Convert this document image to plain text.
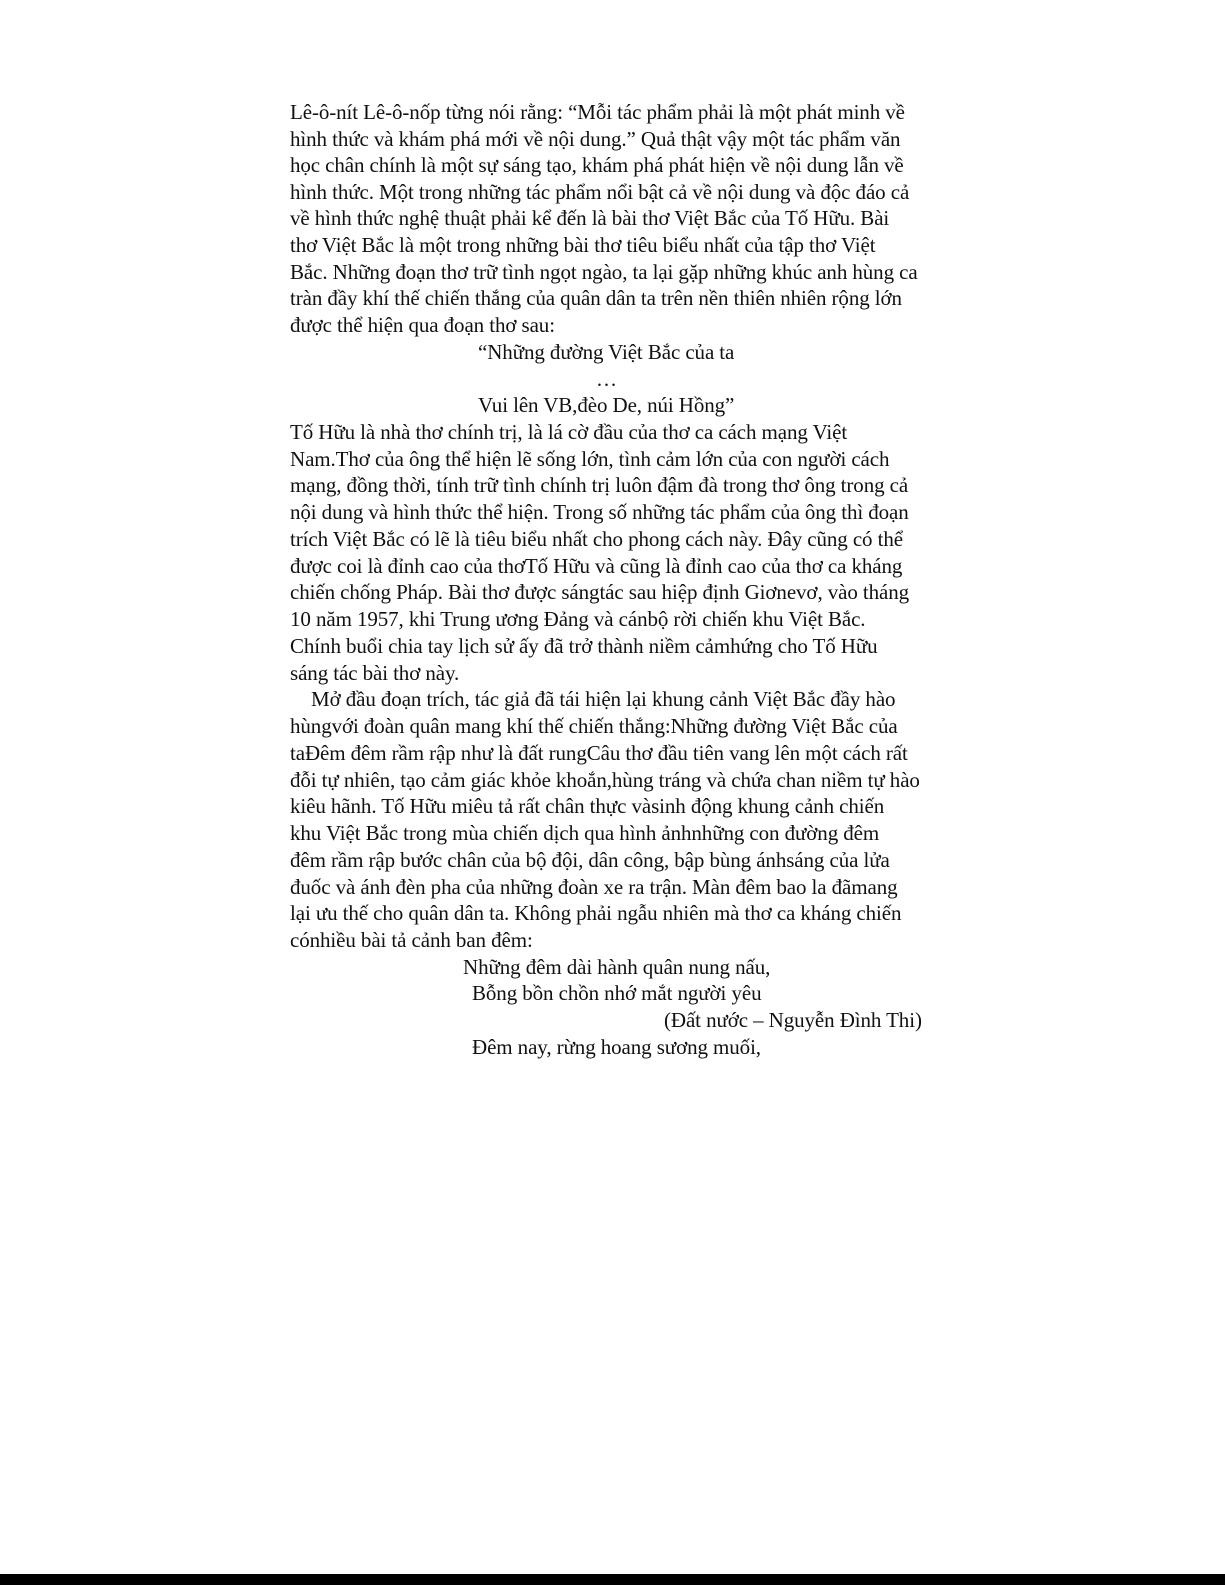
Lê-ô-nít Lê-ô-nốp từng nói rằng: “Mỗi tác phẩm phải là một phát minh về
hình thức và khám phá mới về nội dung.” Quả thật vậy một tác phẩm văn
học chân chính là một sự sáng tạo, khám phá phát hiện về nội dung lẫn về
hình thức. Một trong những tác phẩm nổi bật cả về nội dung và độc đáo cả
về hình thức nghệ thuật phải kể đến là bài thơ Việt Bắc của Tố Hữu. Bài
thơ Việt Bắc là một trong những bài thơ tiêu biểu nhất của tập thơ Việt
Bắc. Những đoạn thơ trữ tình ngọt ngào, ta lại gặp những khúc anh hùng ca
tràn đầy khí thế chiến thắng của quân dân ta trên nền thiên nhiên rộng lớn
được thể hiện qua đoạn thơ sau:
“Những đường Việt Bắc của ta
…
Vui lên VB,đèo De, núi Hồng”
Tố Hữu là nhà thơ chính trị, là lá cờ đầu của thơ ca cách mạng Việt
Nam.Thơ của ông thể hiện lẽ sống lớn, tình cảm lớn của con người cách
mạng, đồng thời, tính trữ tình chính trị luôn đậm đà trong thơ ông trong cả
nội dung và hình thức thể hiện. Trong số những tác phẩm của ông thì đoạn
trích Việt Bắc có lẽ là tiêu biểu nhất cho phong cách này. Đây cũng có thể
được coi là đỉnh cao của thơTố Hữu và cũng là đỉnh cao của thơ ca kháng
chiến chống Pháp. Bài thơ được sángtác sau hiệp định Giơnevơ, vào tháng
10 năm 1957, khi Trung ương Đảng và cánbộ rời chiến khu Việt Bắc.
Chính buổi chia tay lịch sử ấy đã trở thành niềm cảmhứng cho Tố Hữu
sáng tác bài thơ này.
Mở đầu đoạn trích, tác giả đã tái hiện lại khung cảnh Việt Bắc đầy hào
hùngvới đoàn quân mang khí thế chiến thắng:Những đường Việt Bắc của
taĐêm đêm rầm rập như là đất rungCâu thơ đầu tiên vang lên một cách rất
đỗi tự nhiên, tạo cảm giác khỏe khoắn,hùng tráng và chứa chan niềm tự hào
kiêu hãnh. Tố Hữu miêu tả rất chân thực vàsinh động khung cảnh chiến
khu Việt Bắc trong mùa chiến dịch qua hình ảnhnhững con đường đêm
đêm rầm rập bước chân của bộ đội, dân công, bập bùng ánhsáng của lửa
đuốc và ánh đèn pha của những đoàn xe ra trận. Màn đêm bao la đãmang
lại ưu thế cho quân dân ta. Không phải ngẫu nhiên mà thơ ca kháng chiến
cónhiều bài tả cảnh ban đêm:
Những đêm dài hành quân nung nấu,
Bỗng bồn chồn nhớ mắt người yêu
(Đất nước – Nguyễn Đình Thi)
Đêm nay, rừng hoang sương muối,
